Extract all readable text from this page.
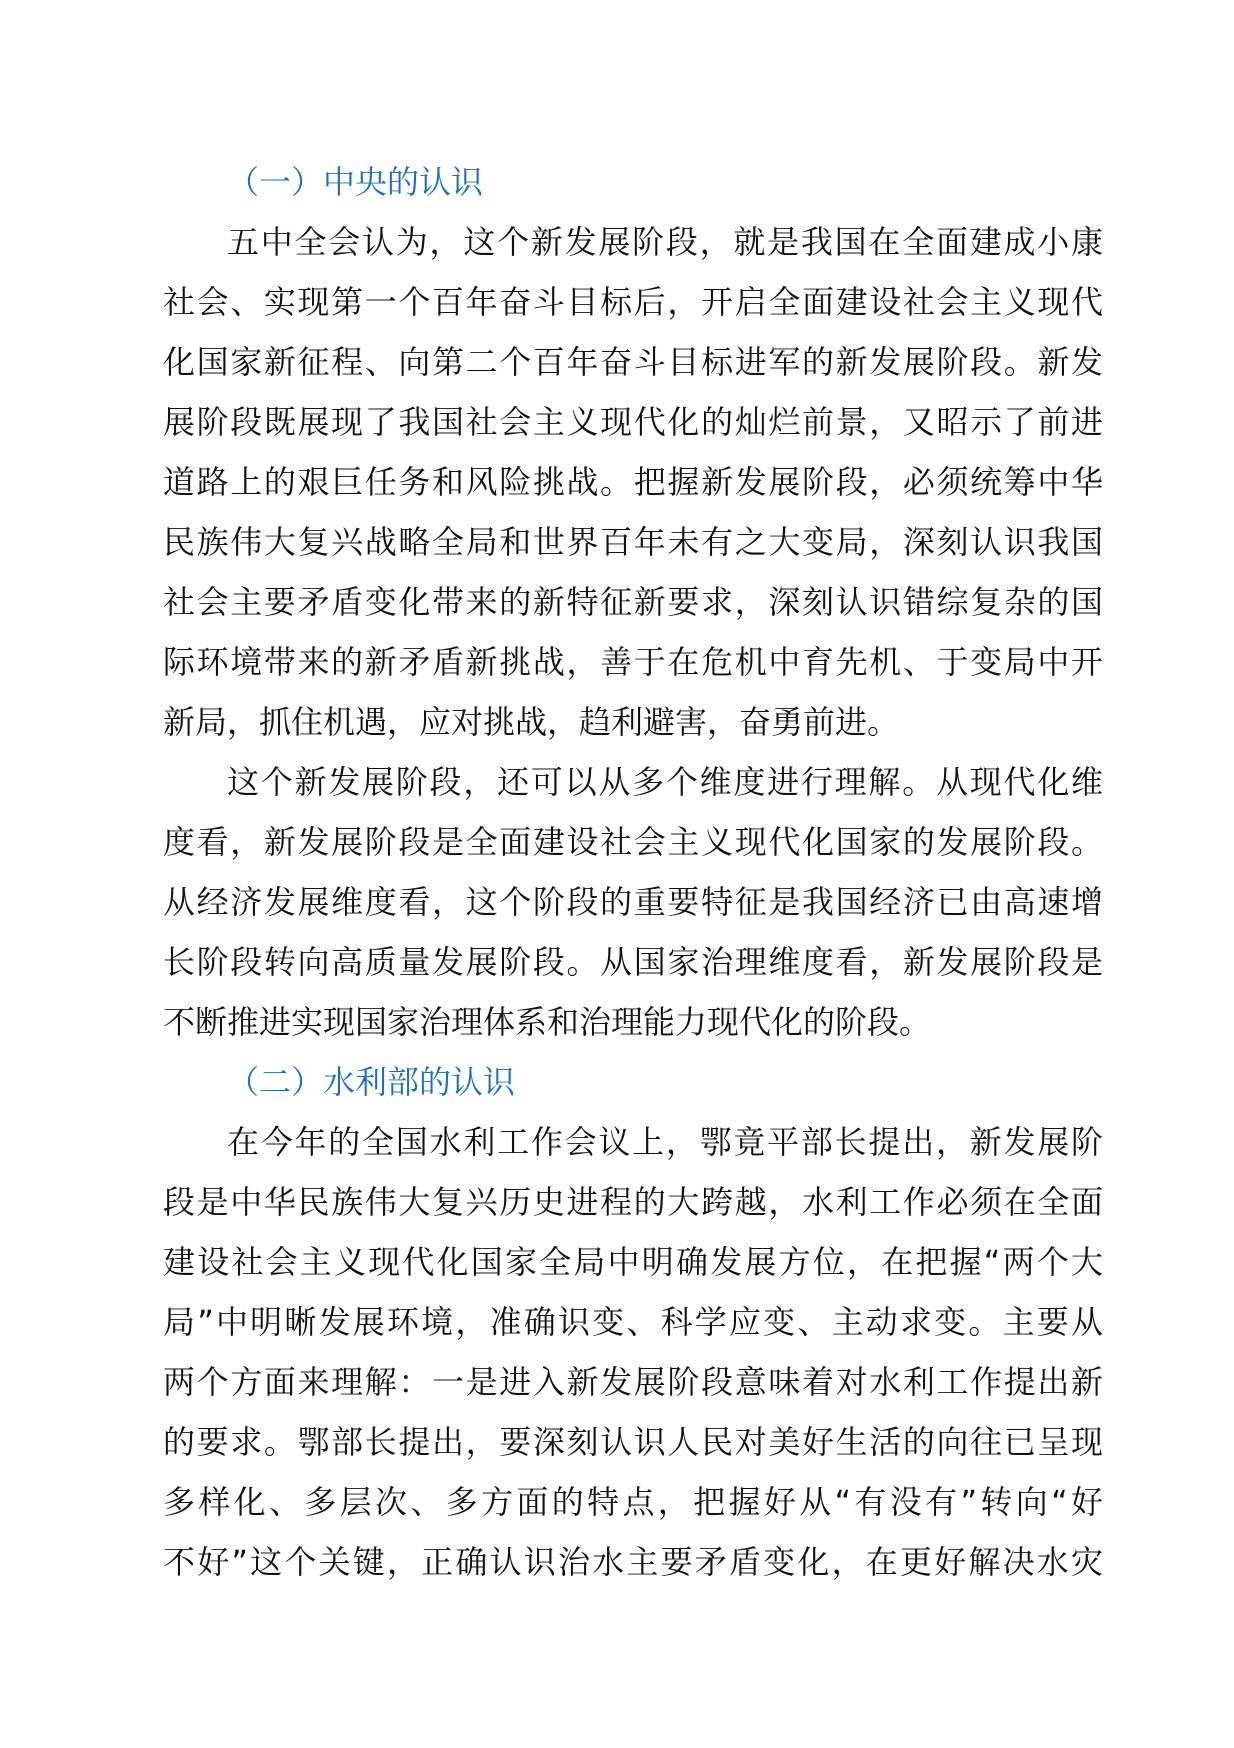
（一）中央的认识
五中全会认为，这个新发展阶段，就是我国在全面建成小康
社会、实现第一个百年奋斗目标后，开启全面建设社会主义现代
化国家新征程、向第二个百年奋斗目标进军的新发展阶段。新发
展阶段既展现了我国社会主义现代化的灿烂前景，又昭示了前进
道路上的艰巨任务和风险挑战。把握新发展阶段，必须统筹中华
民族伟大复兴战略全局和世界百年未有之大变局，深刻认识我国
社会主要矛盾变化带来的新特征新要求，深刻认识错综复杂的国
际环境带来的新矛盾新挑战，善于在危机中育先机、于变局中开
新局，抓住机遇，应对挑战，趋利避害，奋勇前进。
这个新发展阶段，还可以从多个维度进行理解。从现代化维
度看，新发展阶段是全面建设社会主义现代化国家的发展阶段。
从经济发展维度看，这个阶段的重要特征是我国经济已由高速增
长阶段转向高质量发展阶段。从国家治理维度看，新发展阶段是
不断推进实现国家治理体系和治理能力现代化的阶段。
（二）水利部的认识
在今年的全国水利工作会议上，鄂竟平部长提出，新发展阶
段是中华民族伟大复兴历史进程的大跨越，水利工作必须在全面
建设社会主义现代化国家全局中明确发展方位，在把握“两个大
局”中明晰发展环境，准确识变、科学应变、主动求变。主要从
两个方面来理解：一是进入新发展阶段意味着对水利工作提出新
的要求。鄂部长提出，要深刻认识人民对美好生活的向往已呈现
多样化、多层次、多方面的特点，把握好从“有没有”转向“好
不好”这个关键，正确认识治水主要矛盾变化，在更好解决水灾
